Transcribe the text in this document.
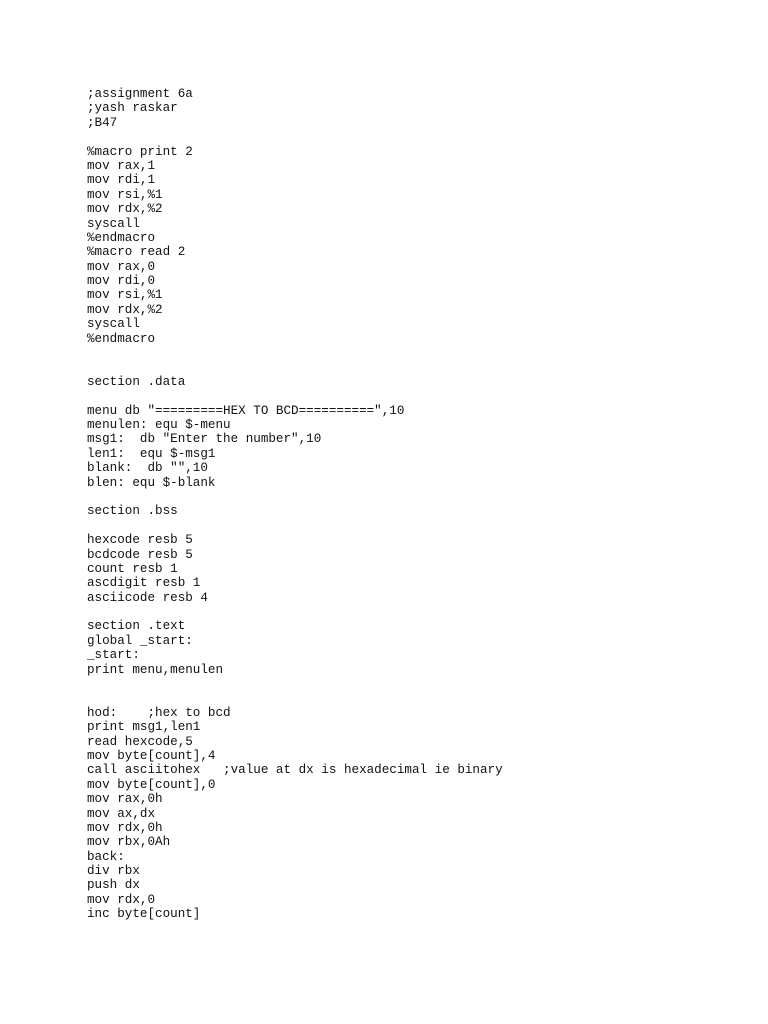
;assignment 6a
;yash raskar
;B47
%macro print 2
mov rax,1
mov rdi,1
mov rsi,%1
mov rdx,%2
syscall
%endmacro
%macro read 2
mov rax,0
mov rdi,0
mov rsi,%1
mov rdx,%2
syscall
%endmacro
section .data
menu db "=========HEX TO BCD==========",10
menulen: equ $-menu
msg1:  db "Enter the number",10
len1:  equ $-msg1
blank:  db "",10
blen: equ $-blank
section .bss
hexcode resb 5
bcdcode resb 5
count resb 1
ascdigit resb 1
asciicode resb 4
section .text
global _start:
_start:
print menu,menulen
hod:    ;hex to bcd
print msg1,len1
read hexcode,5
mov byte[count],4
call asciitohex   ;value at dx is hexadecimal ie binary
mov byte[count],0
mov rax,0h
mov ax,dx
mov rdx,0h
mov rbx,0Ah
back:
div rbx
push dx
mov rdx,0
inc byte[count]
